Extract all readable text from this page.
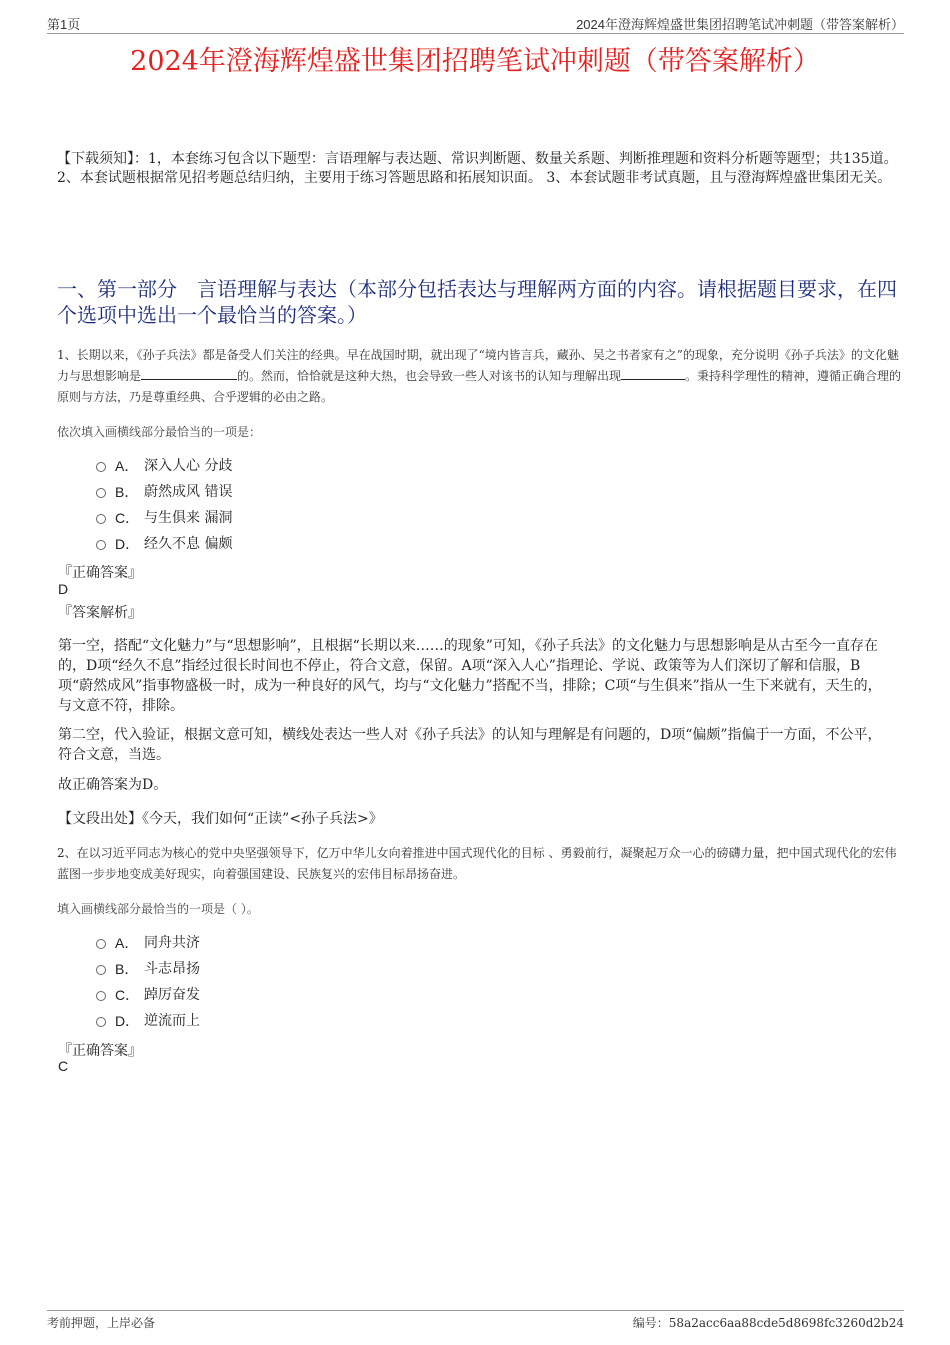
第1页	2024年澄海辉煌盛世集团招聘笔试冲刺题（带答案解析）
2024年澄海辉煌盛世集团招聘笔试冲刺题（带答案解析）
【下载须知】：1，本套练习包含以下题型：言语理解与表达题、常识判断题、数量关系题、判断推理题和资料分析题等题型；共135道。 2、本套试题根据常见招考题总结归纳，主要用于练习答题思路和拓展知识面。 3、本套试题非考试真题，且与澄海辉煌盛世集团无关。
一、第一部分　言语理解与表达（本部分包括表达与理解两方面的内容。请根据题目要求，在四个选项中选出一个最恰当的答案。）
1、长期以来，《孙子兵法》都是备受人们关注的经典。早在战国时期，就出现了“境内皆言兵，藏孙、吴之书者家有之”的现象，充分说明《孙子兵法》的文化魅力与思想影响是	的。然而，恰恰就是这种大热，也会导致一些人对该书的认知与理解出现	。秉持科学理性的精神，遵循正确合理的原则与方法，乃是尊重经典、合乎逻辑的必由之路。
依次填入画横线部分最恰当的一项是：
A． 深入人心 分歧
B． 蔚然成风 错误
C． 与生俱来 漏洞
D． 经久不息 偏颇
『正确答案』
D
『答案解析』
第一空，搭配“文化魅力”与“思想影响”，且根据“长期以来……的现象”可知，《孙子兵法》的文化魅力与思想影响是从古至今一直存在的，D项“经久不息”指经过很长时间也不停止，符合文意，保留。A项“深入人心”指理论、学说、政策等为人们深切了解和信服，B项“蔚然成风”指事物盛极一时，成为一种良好的风气，均与“文化魅力”搭配不当，排除；C项“与生俱来”指从一生下来就有，天生的，与文意不符，排除。
第二空，代入验证，根据文意可知，横线处表达一些人对《孙子兵法》的认知与理解是有问题的，D项“偏颇”指偏于一方面，不公平，符合文意，当选。
故正确答案为D。
【文段出处】《今天，我们如何“正读”<孙子兵法>》
2、在以习近平同志为核心的党中央坚强领导下，亿万中华儿女向着推进中国式现代化的目标 、勇毅前行，凝聚起万众一心的磅礴力量，把中国式现代化的宏伟蓝图一步步地变成美好现实，向着强国建设、民族复兴的宏伟目标昂扬奋进。
填入画横线部分最恰当的一项是（ ）。
A． 同舟共济
B． 斗志昂扬
C． 踔厉奋发
D． 逆流而上
『正确答案』
C
考前押题，上岸必备	编号：58a2acc6aa88cde5d8698fc3260d2b24
